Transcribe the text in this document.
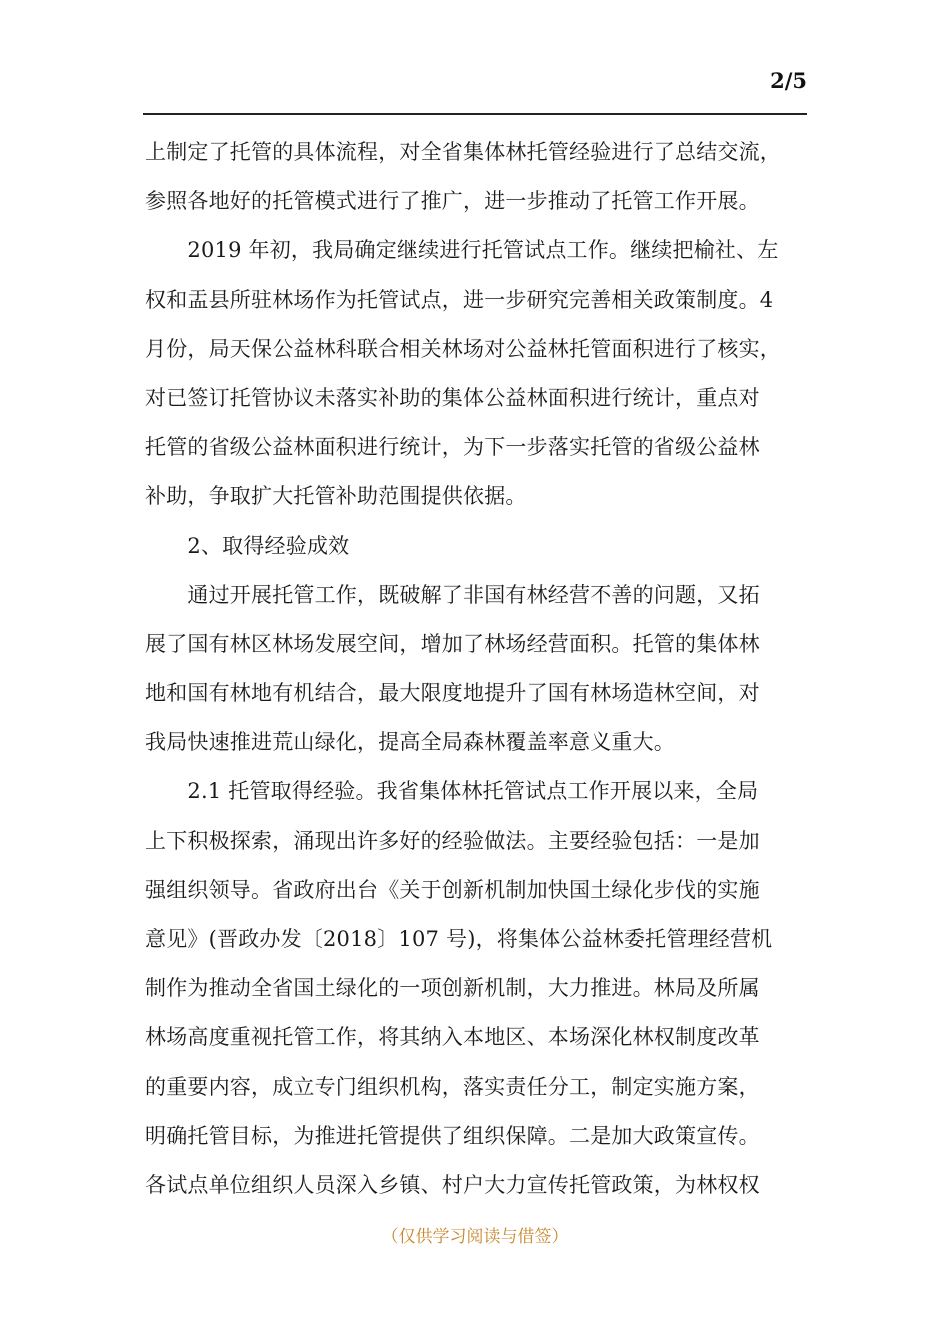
2/5
上制定了托管的具体流程，对全省集体林托管经验进行了总结交流，
参照各地好的托管模式进行了推广，进一步推动了托管工作开展。
　　2019 年初，我局确定继续进行托管试点工作。继续把榆社、左
权和盂县所驻林场作为托管试点，进一步研究完善相关政策制度。4
月份，局天保公益林科联合相关林场对公益林托管面积进行了核实，
对已签订托管协议未落实补助的集体公益林面积进行统计，重点对
托管的省级公益林面积进行统计，为下一步落实托管的省级公益林
补助，争取扩大托管补助范围提供依据。
　　2、取得经验成效
　　通过开展托管工作，既破解了非国有林经营不善的问题，又拓
展了国有林区林场发展空间，增加了林场经营面积。托管的集体林
地和国有林地有机结合，最大限度地提升了国有林场造林空间，对
我局快速推进荒山绿化，提高全局森林覆盖率意义重大。
　　2.1 托管取得经验。我省集体林托管试点工作开展以来，全局
上下积极探索，涌现出许多好的经验做法。主要经验包括：一是加
强组织领导。省政府出台《关于创新机制加快国土绿化步伐的实施
意见》(晋政办发〔2018〕107 号)，将集体公益林委托管理经营机
制作为推动全省国土绿化的一项创新机制，大力推进。林局及所属
林场高度重视托管工作，将其纳入本地区、本场深化林权制度改革
的重要内容，成立专门组织机构，落实责任分工，制定实施方案，
明确托管目标，为推进托管提供了组织保障。二是加大政策宣传。
各试点单位组织人员深入乡镇、村户大力宣传托管政策，为林权权
（仅供学习阅读与借签）
